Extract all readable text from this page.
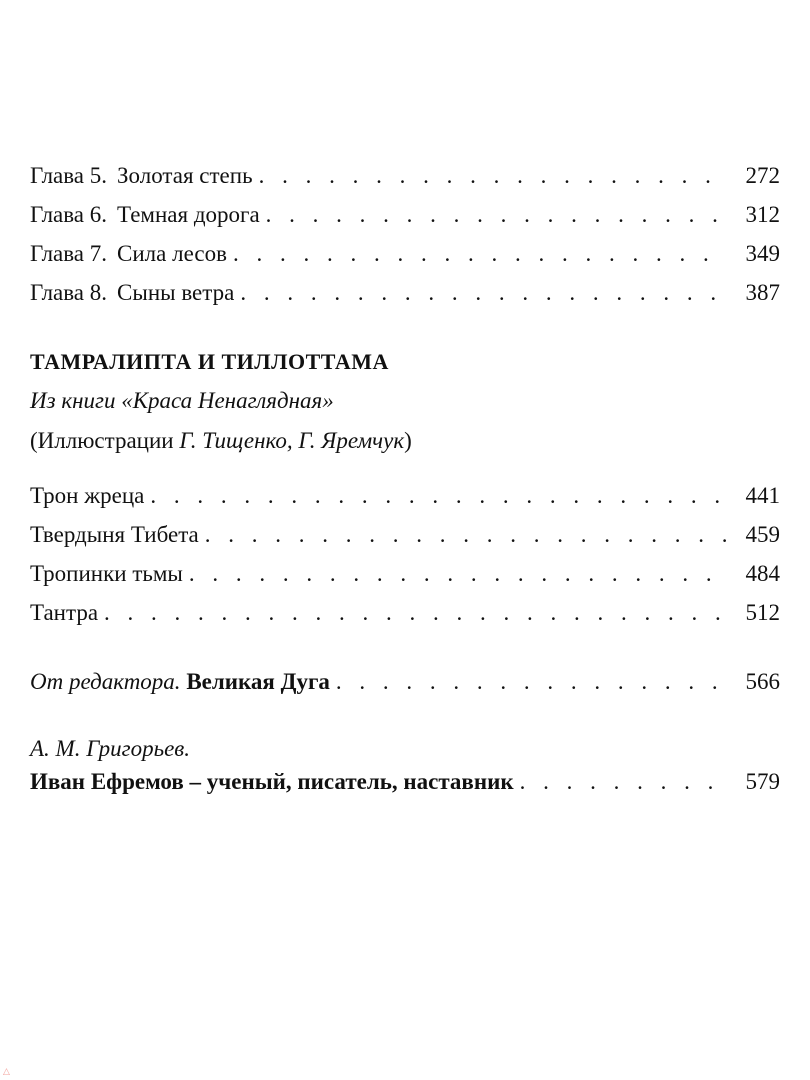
Глава 5. Золотая степь . . .	272
Глава 6. Темная дорога . . .	312
Глава 7. Сила лесов . . .	349
Глава 8. Сыны ветра . . .	387
ТАМРАЛИПТА И ТИЛЛОТТАМА
Из книги «Краса Ненаглядная»
(Иллюстрации Г. Тищенко, Г. Яремчук)
Трон жреца . . .	441
Твердыня Тибета . . .	459
Тропинки тьмы . . .	484
Тантра . . .	512
От редактора. Великая Дуга . . .	566
А. М. Григорьев.
Иван Ефремов – ученый, писатель, наставник . . .	579
△
